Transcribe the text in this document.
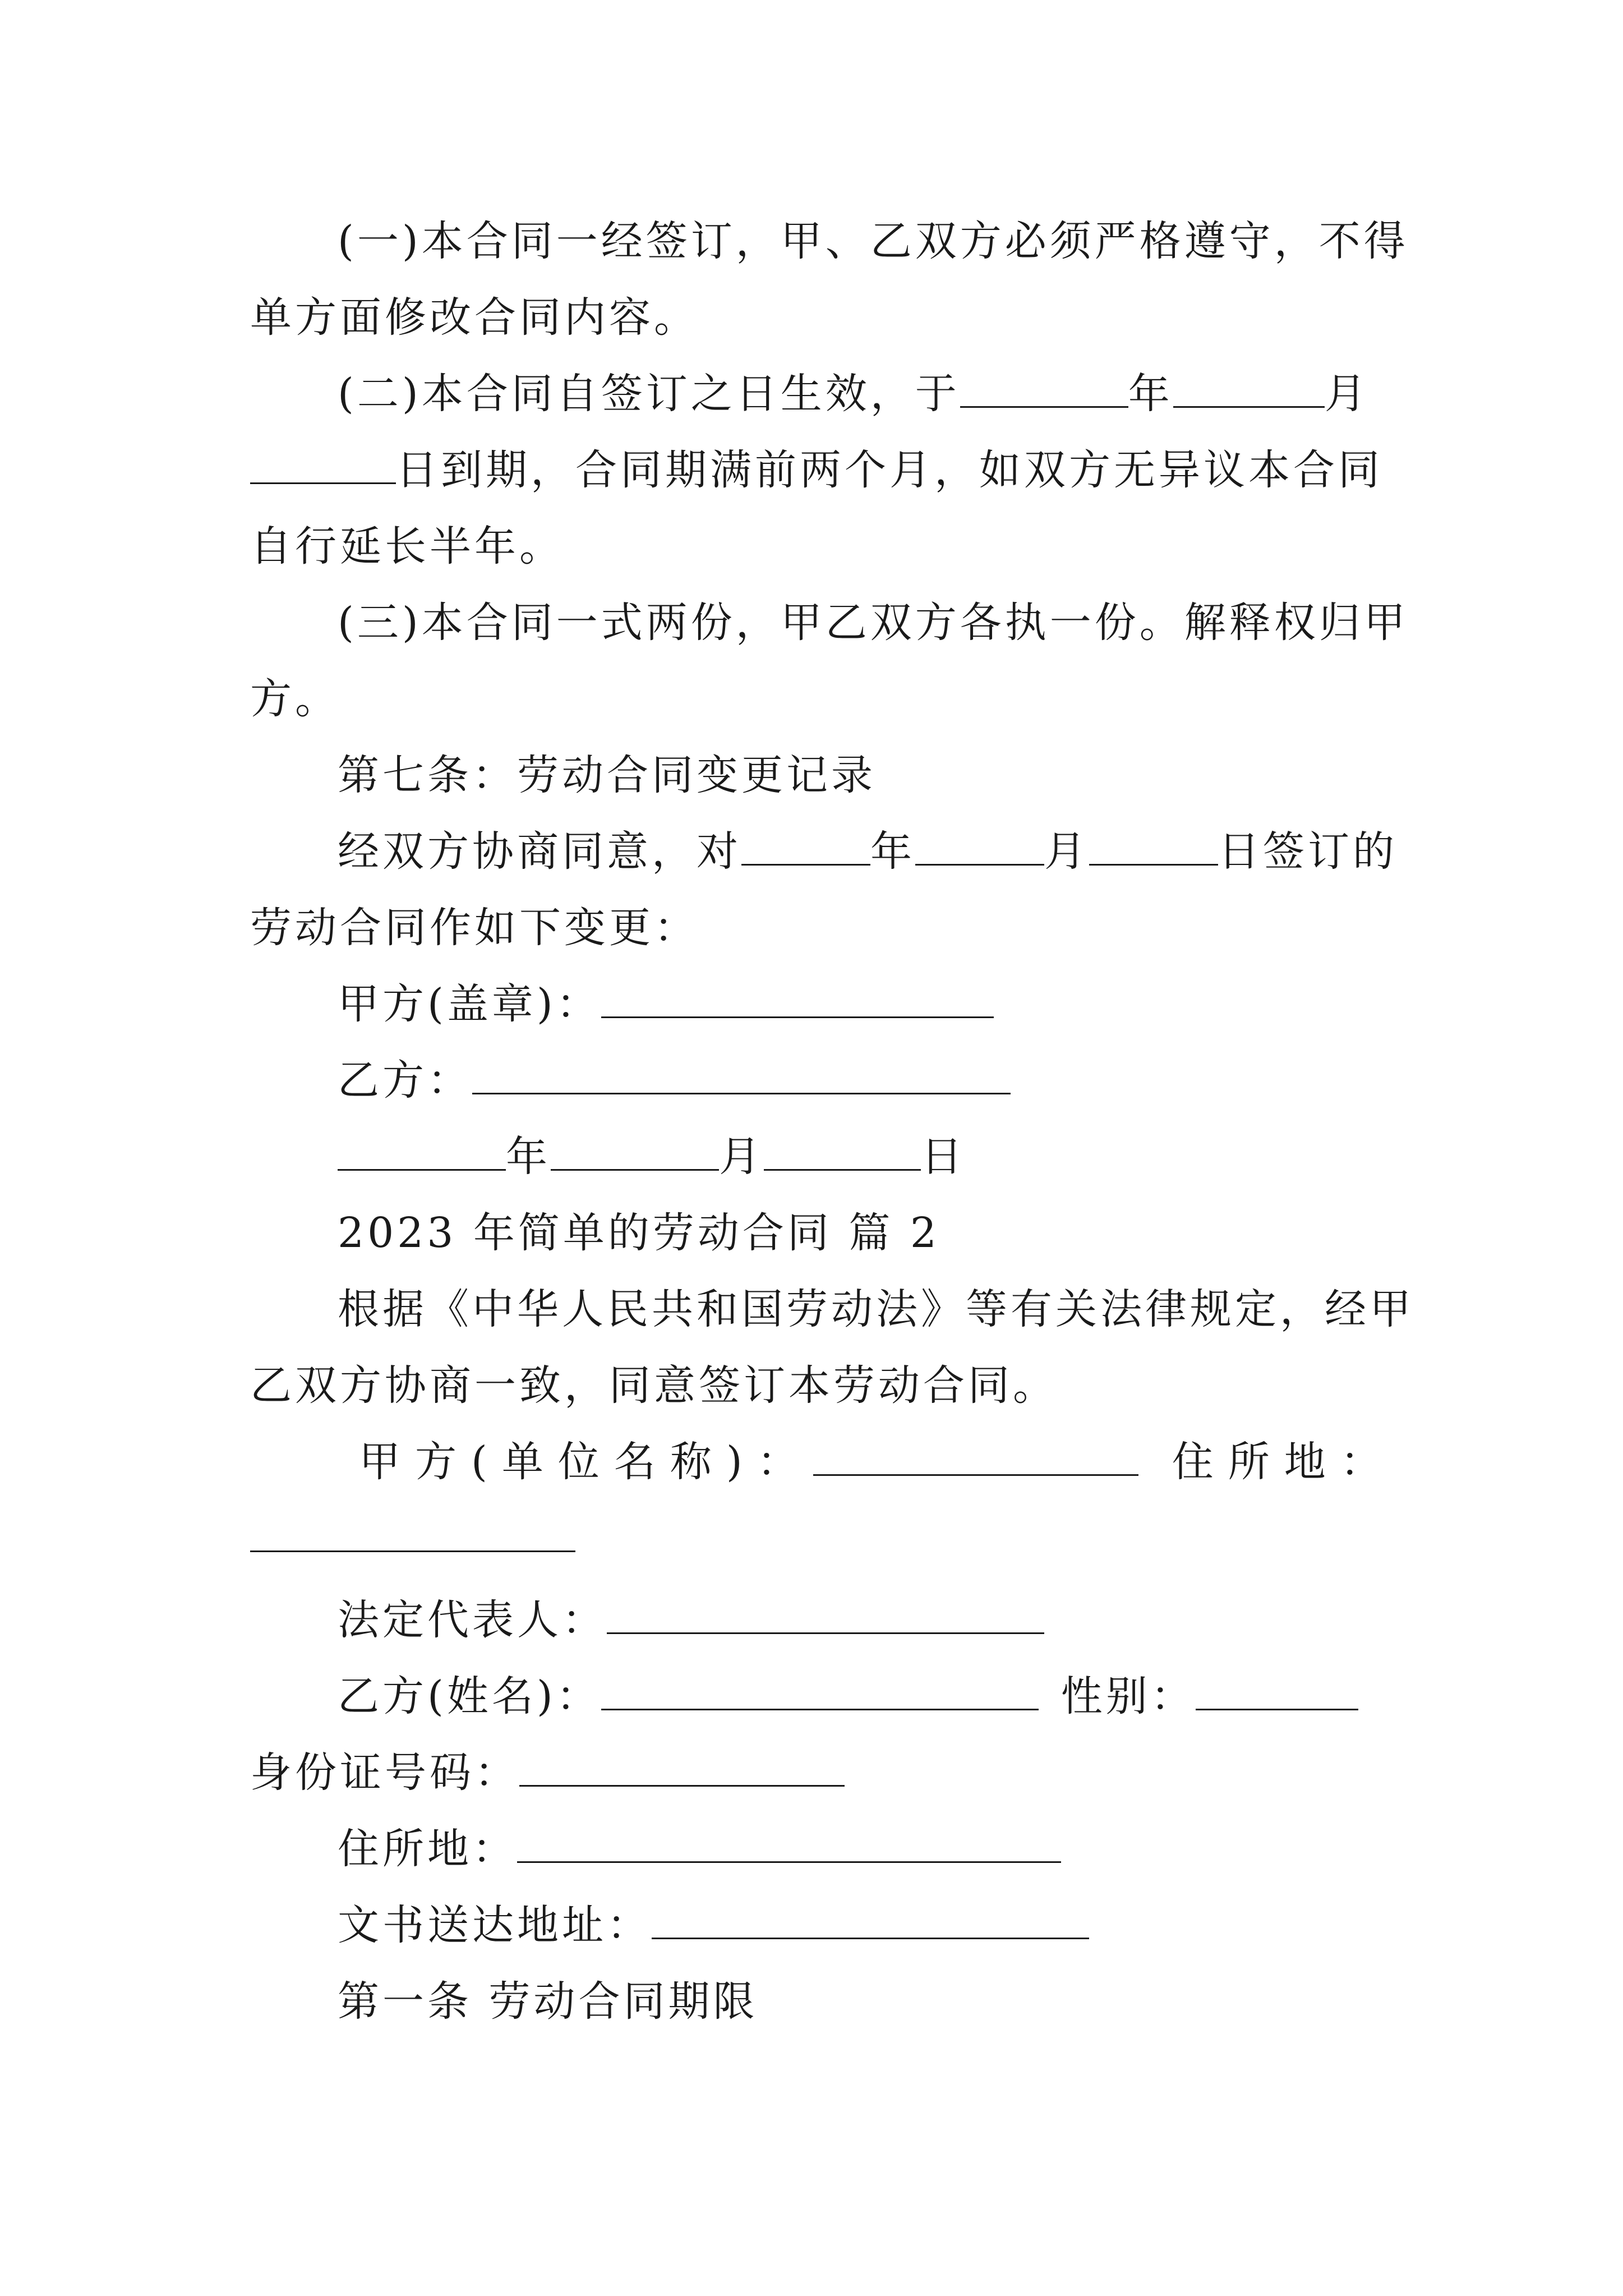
(一)本合同一经签订，甲、乙双方必须严格遵守，不得
单方面修改合同内容。
(二)本合同自签订之日生效，于	年	月
日到期，合同期满前两个月，如双方无异议本合同
自行延长半年。
(三)本合同一式两份，甲乙双方各执一份。解释权归甲
方。
第七条：劳动合同变更记录
经双方协商同意，对	年	月	日签订的
劳动合同作如下变更：
甲方(盖章)：
乙方：
年	月	日
2023 年简单的劳动合同 篇 2
根据《中华人民共和国劳动法》等有关法律规定，经甲
乙双方协商一致，同意签订本劳动合同。
甲方(单位名称)：	住所地：
法定代表人：
乙方(姓名)：	性别：
身份证号码：
住所地：
文书送达地址：
第一条 劳动合同期限
